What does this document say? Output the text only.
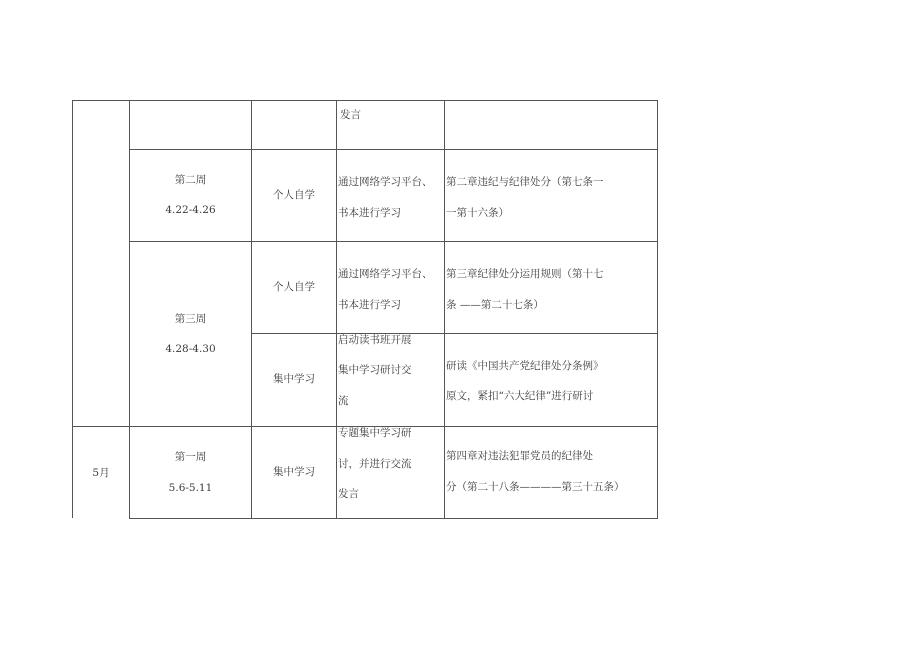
发言
第二周
4.22-4.26
个人自学
通过网络学习平台、
书本进行学习
第二章违纪与纪律处分（第七条一
一第十六条）
第三周
4.28-4.30
个人自学
通过网络学习平台、
书本进行学习
第三章纪律处分运用规则（第十七
条 ——第二十七条）
集中学习
启动读书班开展
集中学习研讨交
流
研读《中国共产党纪律处分条例》
原文，紧扣“六大纪律”进行研讨
5月
第一周
5.6-5.11
集中学习
专题集中学习研
讨，并进行交流
发言
第四章对违法犯罪党员的纪律处
分（第二十八条————第三十五条）
